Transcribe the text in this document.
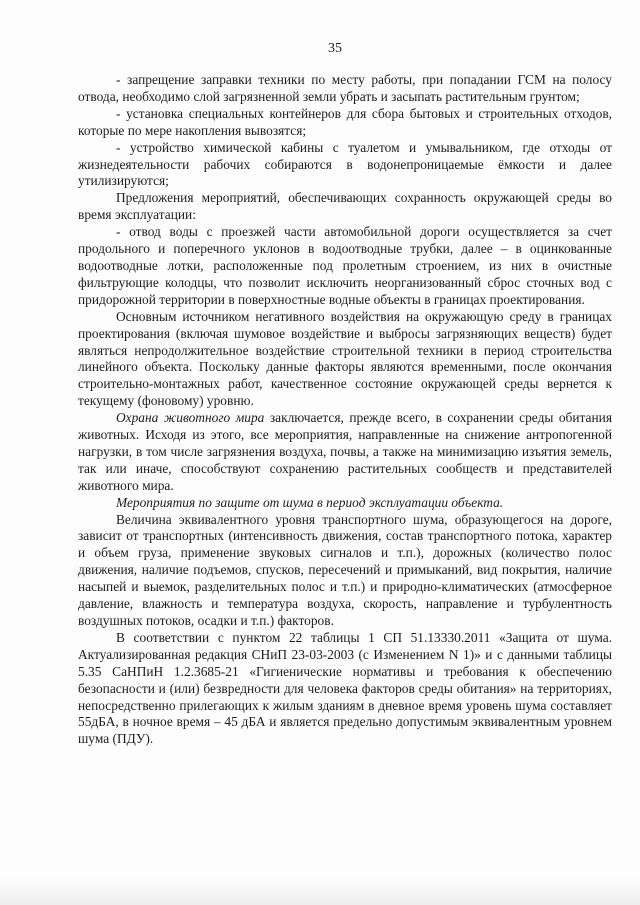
35

- запрещение заправки техники по месту работы, при попадании ГСМ на полосу отвода, необходимо слой загрязненной земли убрать и засыпать растительным грунтом;

- установка специальных контейнеров для сбора бытовых и строительных отходов, которые по мере накопления вывозятся;

- устройство химической кабины с туалетом и умывальником, где отходы от жизнедеятельности рабочих собираются в водонепроницаемые ёмкости и далее утилизируются;

Предложения мероприятий, обеспечивающих сохранность окружающей среды во время эксплуатации:

- отвод воды с проезжей части автомобильной дороги осуществляется за счет продольного и поперечного уклонов в водоотводные трубки, далее – в оцинкованные водоотводные лотки, расположенные под пролетным строением, из них в очистные фильтрующие колодцы, что позволит исключить неорганизованный сброс сточных вод с придорожной территории в поверхностные водные объекты в границах проектирования.

Основным источником негативного воздействия на окружающую среду в границах проектирования (включая шумовое воздействие и выбросы загрязняющих веществ) будет являться непродолжительное воздействие строительной техники в период строительства линейного объекта. Поскольку данные факторы являются временными, после окончания строительно-монтажных работ, качественное состояние окружающей среды вернется к текущему (фоновому) уровню.

Охрана животного мира заключается, прежде всего, в сохранении среды обитания животных. Исходя из этого, все мероприятия, направленные на снижение антропогенной нагрузки, в том числе загрязнения воздуха, почвы, а также на минимизацию изъятия земель, так или иначе, способствуют сохранению растительных сообществ и представителей животного мира.

Мероприятия по защите от шума в период эксплуатации объекта.

Величина эквивалентного уровня транспортного шума, образующегося на дороге, зависит от транспортных (интенсивность движения, состав транспортного потока, характер и объем груза, применение звуковых сигналов и т.п.), дорожных (количество полос движения, наличие подъемов, спусков, пересечений и примыканий, вид покрытия, наличие насыпей и выемок, разделительных полос и т.п.) и природно-климатических (атмосферное давление, влажность и температура воздуха, скорость, направление и турбулентность воздушных потоков, осадки и т.п.) факторов.

В соответствии с пунктом 22 таблицы 1 СП 51.13330.2011 «Защита от шума. Актуализированная редакция СНиП 23-03-2003 (с Изменением N 1)» и с данными таблицы 5.35 СаНПиН 1.2.3685-21 «Гигиенические нормативы и требования к обеспечению безопасности и (или) безвредности для человека факторов среды обитания» на территориях, непосредственно прилегающих к жилым зданиям в дневное время уровень шума составляет 55дБА, в ночное время – 45 дБА и является предельно допустимым эквивалентным уровнем шума (ПДУ).
